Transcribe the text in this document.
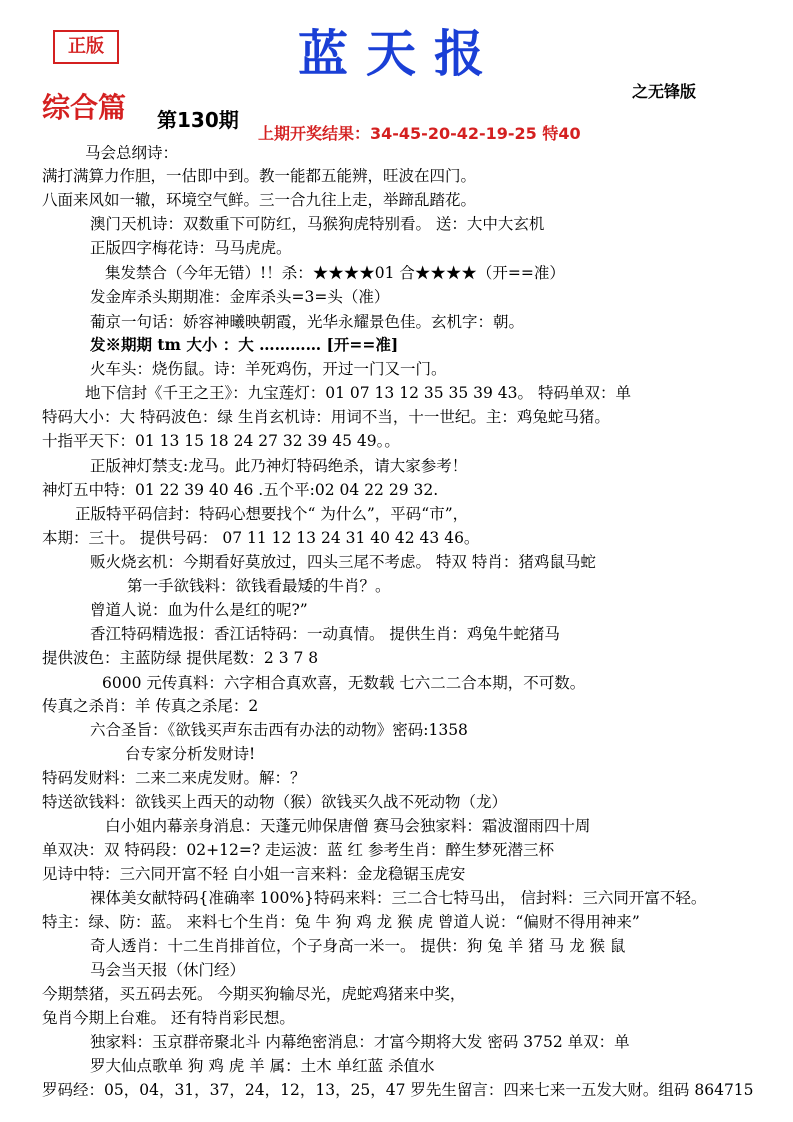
正版	蓝天报
之无锋版
综合篇 第130期
上期开奖结果：34-45-20-42-19-25 特40
马会总纲诗：
满打满算力作胆，一估即中到。教一能都五能辨，旺波在四门。
八面来风如一辙，环境空气鲜。三一合九往上走，举蹄乱踏花。
澳门天机诗：双数重下可防红，马猴狗虎特别看。 送：大中大玄机
正版四字梅花诗：马马虎虎。
集发禁合（今年无错）!！杀：★★★★01 合★★★★（开==准）
发金库杀头期期准：金库杀头=3=头（准）
葡京一句话：娇容神曦映朝霞，光华永耀景色佳。玄机字：朝。
发※期期 tm 大小 ：大 ………… [开==准]
火车头：烧伤鼠。诗：羊死鸡伤，开过一门又一门。
地下信封《千王之王》：九宝莲灯：01 07 13 12 35 35 39 43。 特码单双：单
特码大小：大 特码波色：绿 生肖玄机诗：用词不当，十一世纪。主：鸡兔蛇马猪。
十指平天下：01 13 15 18 24 27 32 39 45 49。。
正版神灯禁支:龙马。此乃神灯特码绝杀，请大家参考！
神灯五中特：01 22 39 40 46 .五个平:02 04 22 29 32.
正版特平码信封：特码心想要找个“ 为什么”，平码“市”，
本期：三十。 提供号码： 07 11 12 13 24 31 40 42 43 46。
贩火烧玄机：今期看好莫放过，四头三尾不考虑。 特双 特肖：猪鸡鼠马蛇
第一手欲钱料：欲钱看最矮的牛肖？。
曾道人说：血为什么是红的呢?”
香江特码精选报：香江话特码：一动真情。 提供生肖：鸡兔牛蛇猪马
提供波色：主蓝防绿 提供尾数：2 3 7 8
6000 元传真料：六字相合真欢喜，无数载 七六二二合本期，不可数。
传真之杀肖：羊 传真之杀尾：2
六合圣旨：《欲钱买声东击西有办法的动物》密码:1358
台专家分析发财诗!
特码发财料：二来二来虎发财。解：？
特送欲钱料：欲钱买上西天的动物（猴）欲钱买久战不死动物（龙）
白小姐内幕亲身消息：天蓬元帅保唐僧 赛马会独家料：霜波溜雨四十周
单双决：双 特码段：02+12=? 走运波：蓝 红 参考生肖：醉生梦死潜三杯
见诗中特：三六同开富不轻 白小姐一言来料：金龙稳锯玉虎安
裸体美女献特码{准确率 100%}特码来料：三二合七特马出， 信封料：三六同开富不轻。
特主：绿、防：蓝。 来料七个生肖：兔 牛 狗 鸡 龙 猴 虎 曾道人说：“偏财不得用神来”
奇人透肖：十二生肖排首位，个子身高一米一。 提供：狗 兔 羊 猪 马 龙 猴 鼠
马会当天报（休门经）
今期禁猪，买五码去死。 今期买狗输尽光，虎蛇鸡猪来中奖，
兔肖今期上台难。 还有特肖彩民想。
独家料：玉京群帝聚北斗 内幕绝密消息：才富今期将大发 密码 3752 单双：单
罗大仙点歌单 狗 鸡 虎 羊 属：土木 单红蓝 杀值水
罗码经：05，04，31，37，24，12，13，25，47 罗先生留言：四来七来一五发大财。组码 864715
